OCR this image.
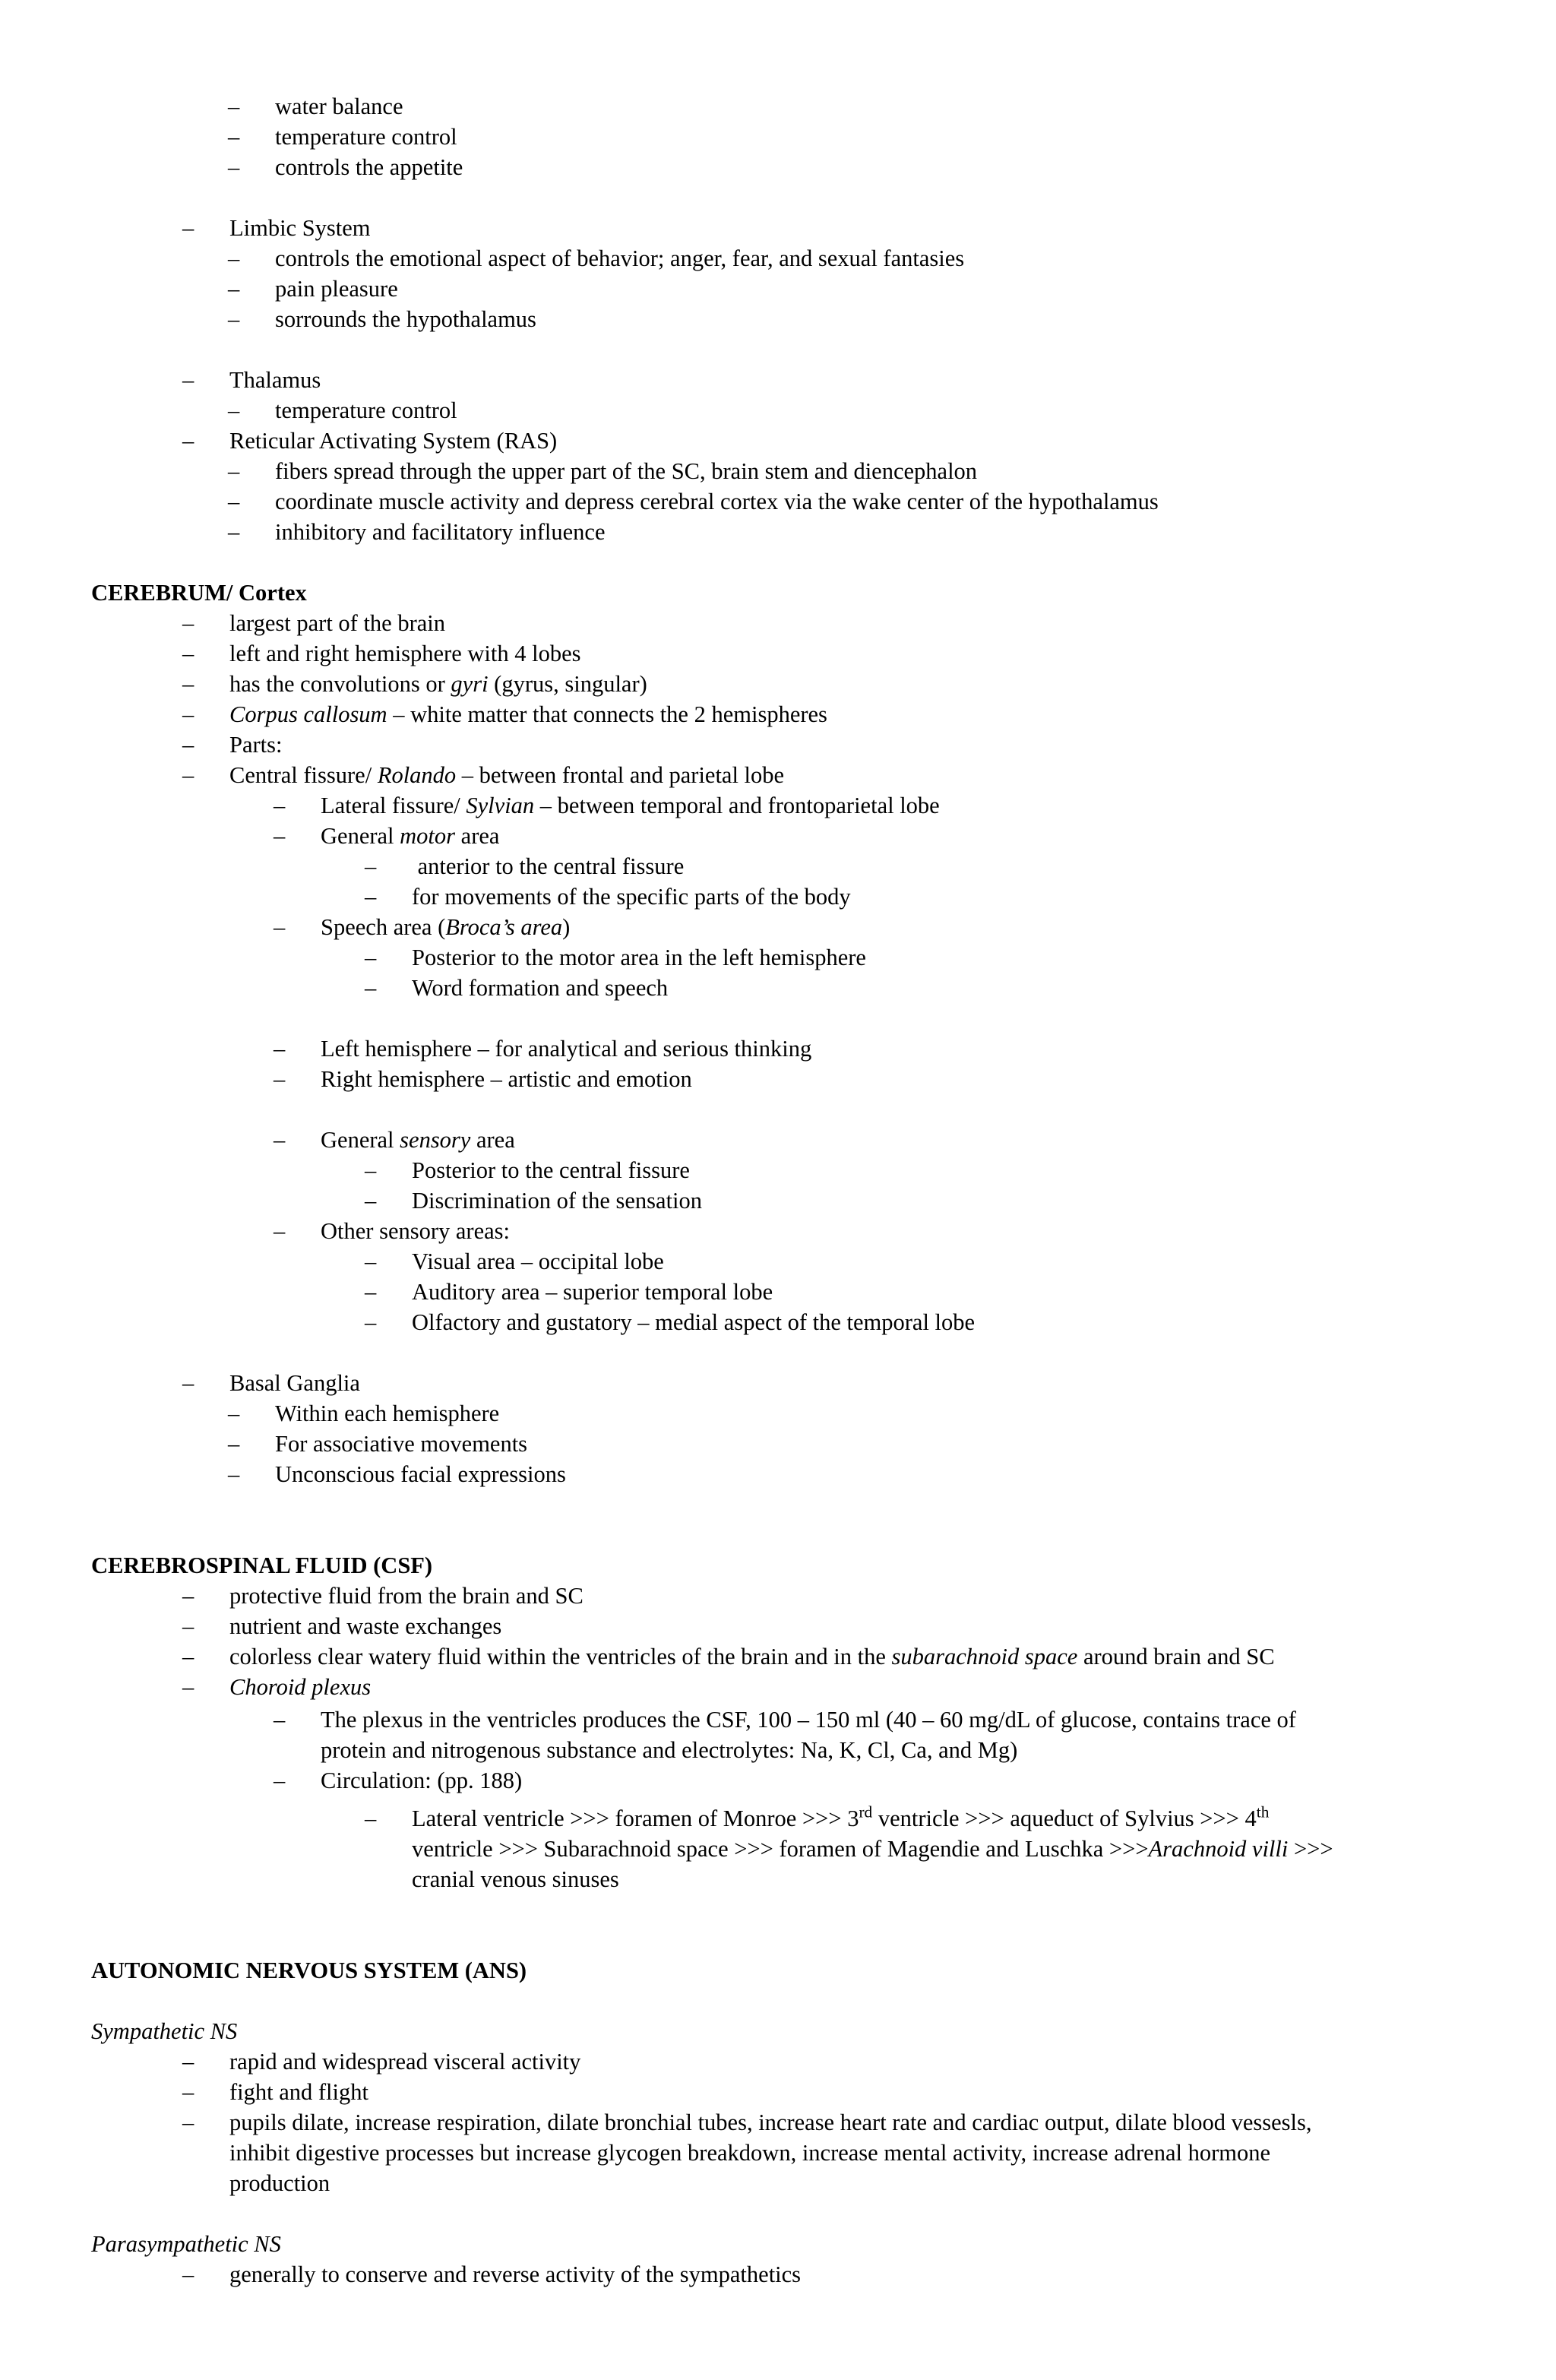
– water balance
– temperature control
– controls the appetite
– Limbic System
– controls the emotional aspect of behavior; anger, fear, and sexual fantasies
– pain pleasure
– sorrounds the hypothalamus
– Thalamus
– temperature control
– Reticular Activating System (RAS)
– fibers spread through the upper part of the SC, brain stem and diencephalon
– coordinate muscle activity and depress cerebral cortex via the wake center of the hypothalamus
– inhibitory and facilitatory influence
CEREBRUM/ Cortex
– largest part of the brain
– left and right hemisphere with 4 lobes
– has the convolutions or gyri (gyrus, singular)
– Corpus callosum – white matter that connects the 2 hemispheres
– Parts:
– Central fissure/ Rolando – between frontal and parietal lobe
– Lateral fissure/ Sylvian – between temporal and frontoparietal lobe
– General motor area
– anterior to the central fissure
– for movements of the specific parts of the body
– Speech area (Broca’s area)
– Posterior to the motor area in the left hemisphere
– Word formation and speech
– Left hemisphere – for analytical and serious thinking
– Right hemisphere – artistic and emotion
– General sensory area
– Posterior to the central fissure
– Discrimination of the sensation
– Other sensory areas:
– Visual area – occipital lobe
– Auditory area – superior temporal lobe
– Olfactory and gustatory – medial aspect of the temporal lobe
– Basal Ganglia
– Within each hemisphere
– For associative movements
– Unconscious facial expressions
CEREBROSPINAL FLUID (CSF)
– protective fluid from the brain and SC
– nutrient and waste exchanges
– colorless clear watery fluid within the ventricles of the brain and in the subarachnoid space around brain and SC
– Choroid plexus
– The plexus in the ventricles produces the CSF, 100 – 150 ml (40 – 60 mg/dL of glucose, contains trace of
protein and nitrogenous substance and electrolytes: Na, K, Cl, Ca, and Mg)
– Circulation: (pp. 188)
– Lateral ventricle >>> foramen of Monroe >>> 3rd ventricle >>> aqueduct of Sylvius >>> 4th
ventricle >>> Subarachnoid space >>> foramen of Magendie and Luschka >>>Arachnoid villi >>>
cranial venous sinuses
AUTONOMIC NERVOUS SYSTEM (ANS)
Sympathetic NS
– rapid and widespread visceral activity
– fight and flight
– pupils dilate, increase respiration, dilate bronchial tubes, increase heart rate and cardiac output, dilate blood vessesls,
inhibit digestive processes but increase glycogen breakdown, increase mental activity, increase adrenal hormone
production
Parasympathetic NS
– generally to conserve and reverse activity of the sympathetics
